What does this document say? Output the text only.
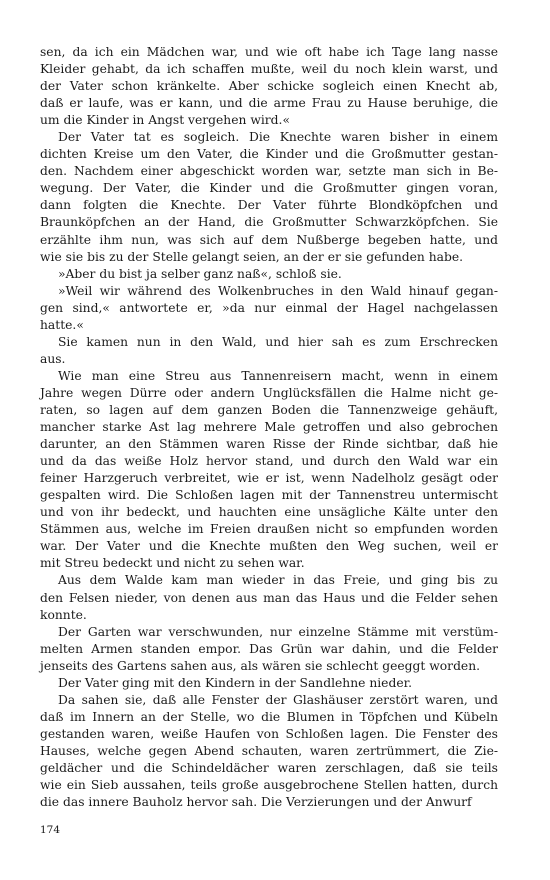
sen, da ich ein Mädchen war, und wie oft habe ich Tage lang nasse
Kleider gehabt, da ich schaffen mußte, weil du noch klein warst, und
der Vater schon kränkelte. Aber schicke sogleich einen Knecht ab,
daß er laufe, was er kann, und die arme Frau zu Hause beruhige, die
um die Kinder in Angst vergehen wird.«
Der Vater tat es sogleich. Die Knechte waren bisher in einem
dichten Kreise um den Vater, die Kinder und die Großmutter gestan-
den. Nachdem einer abgeschickt worden war, setzte man sich in Be-
wegung. Der Vater, die Kinder und die Großmutter gingen voran,
dann folgten die Knechte. Der Vater führte Blondköpfchen und
Braunköpfchen an der Hand, die Großmutter Schwarzköpfchen. Sie
erzählte ihm nun, was sich auf dem Nußberge begeben hatte, und
wie sie bis zu der Stelle gelangt seien, an der er sie gefunden habe.
»Aber du bist ja selber ganz naß«, schloß sie.
»Weil wir während des Wolkenbruches in den Wald hinauf gegan-
gen sind,« antwortete er, »da nur einmal der Hagel nachgelassen
hatte.«
Sie kamen nun in den Wald, und hier sah es zum Erschrecken
aus.
Wie man eine Streu aus Tannenreisern macht, wenn in einem
Jahre wegen Dürre oder andern Unglücksfällen die Halme nicht ge-
raten, so lagen auf dem ganzen Boden die Tannenzweige gehäuft,
mancher starke Ast lag mehrere Male getroffen und also gebrochen
darunter, an den Stämmen waren Risse der Rinde sichtbar, daß hie
und da das weiße Holz hervor stand, und durch den Wald war ein
feiner Harzgeruch verbreitet, wie er ist, wenn Nadelholz gesägt oder
gespalten wird. Die Schloßen lagen mit der Tannenstreu untermischt
und von ihr bedeckt, und hauchten eine unsägliche Kälte unter den
Stämmen aus, welche im Freien draußen nicht so empfunden worden
war. Der Vater und die Knechte mußten den Weg suchen, weil er
mit Streu bedeckt und nicht zu sehen war.
Aus dem Walde kam man wieder in das Freie, und ging bis zu
den Felsen nieder, von denen aus man das Haus und die Felder sehen
konnte.
Der Garten war verschwunden, nur einzelne Stämme mit verstüm-
melten Armen standen empor. Das Grün war dahin, und die Felder
jenseits des Gartens sahen aus, als wären sie schlecht geeggt worden.
Der Vater ging mit den Kindern in der Sandlehne nieder.
Da sahen sie, daß alle Fenster der Glashäuser zerstört waren, und
daß im Innern an der Stelle, wo die Blumen in Töpfchen und Kübeln
gestanden waren, weiße Haufen von Schloßen lagen. Die Fenster des
Hauses, welche gegen Abend schauten, waren zertrümmert, die Zie-
geldächer und die Schindeldächer waren zerschlagen, daß sie teils
wie ein Sieb aussahen, teils große ausgebrochene Stellen hatten, durch
die das innere Bauholz hervor sah. Die Verzierungen und der Anwurf
174
